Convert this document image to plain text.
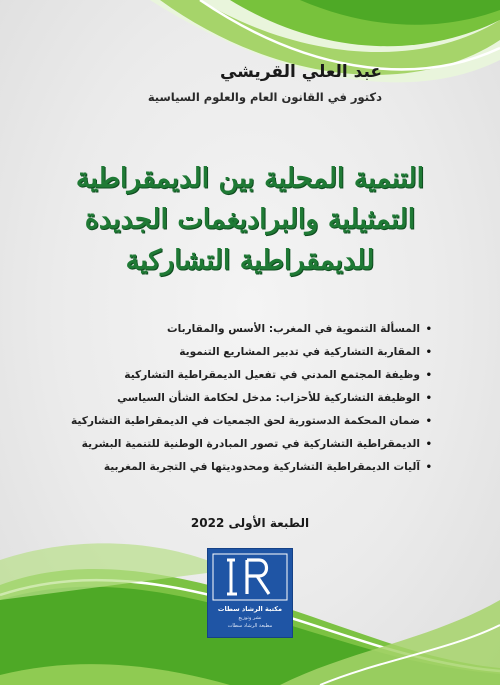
عبد العلي القريشي
دكتور في القانون العام والعلوم السياسية
التنمية المحلية بين الديمقراطية
التمثيلية والبراديغمات الجديدة
للديمقراطية التشاركية
•المسألة التنموية في المغرب: الأسس والمقاربات
•المقاربة التشاركية في تدبير المشاريع التنموية
•وظيفة المجتمع المدني في تفعيل الديمقراطية التشاركية
•الوظيفة التشاركية للأحزاب: مدخل لحكامة الشأن السياسي
•ضمان المحكمة الدستورية لحق الجمعيات في الديمقراطية التشاركية
•الديمقراطية التشاركية في تصور المبادرة الوطنية للتنمية البشرية
•آليات الديمقراطية التشاركية ومحدوديتها في التجربة المغربية
الطبعة الأولى 2022
مكتبة الرشاد سطات
نشر وتوزيع
مطبعة الرشاد سطات
